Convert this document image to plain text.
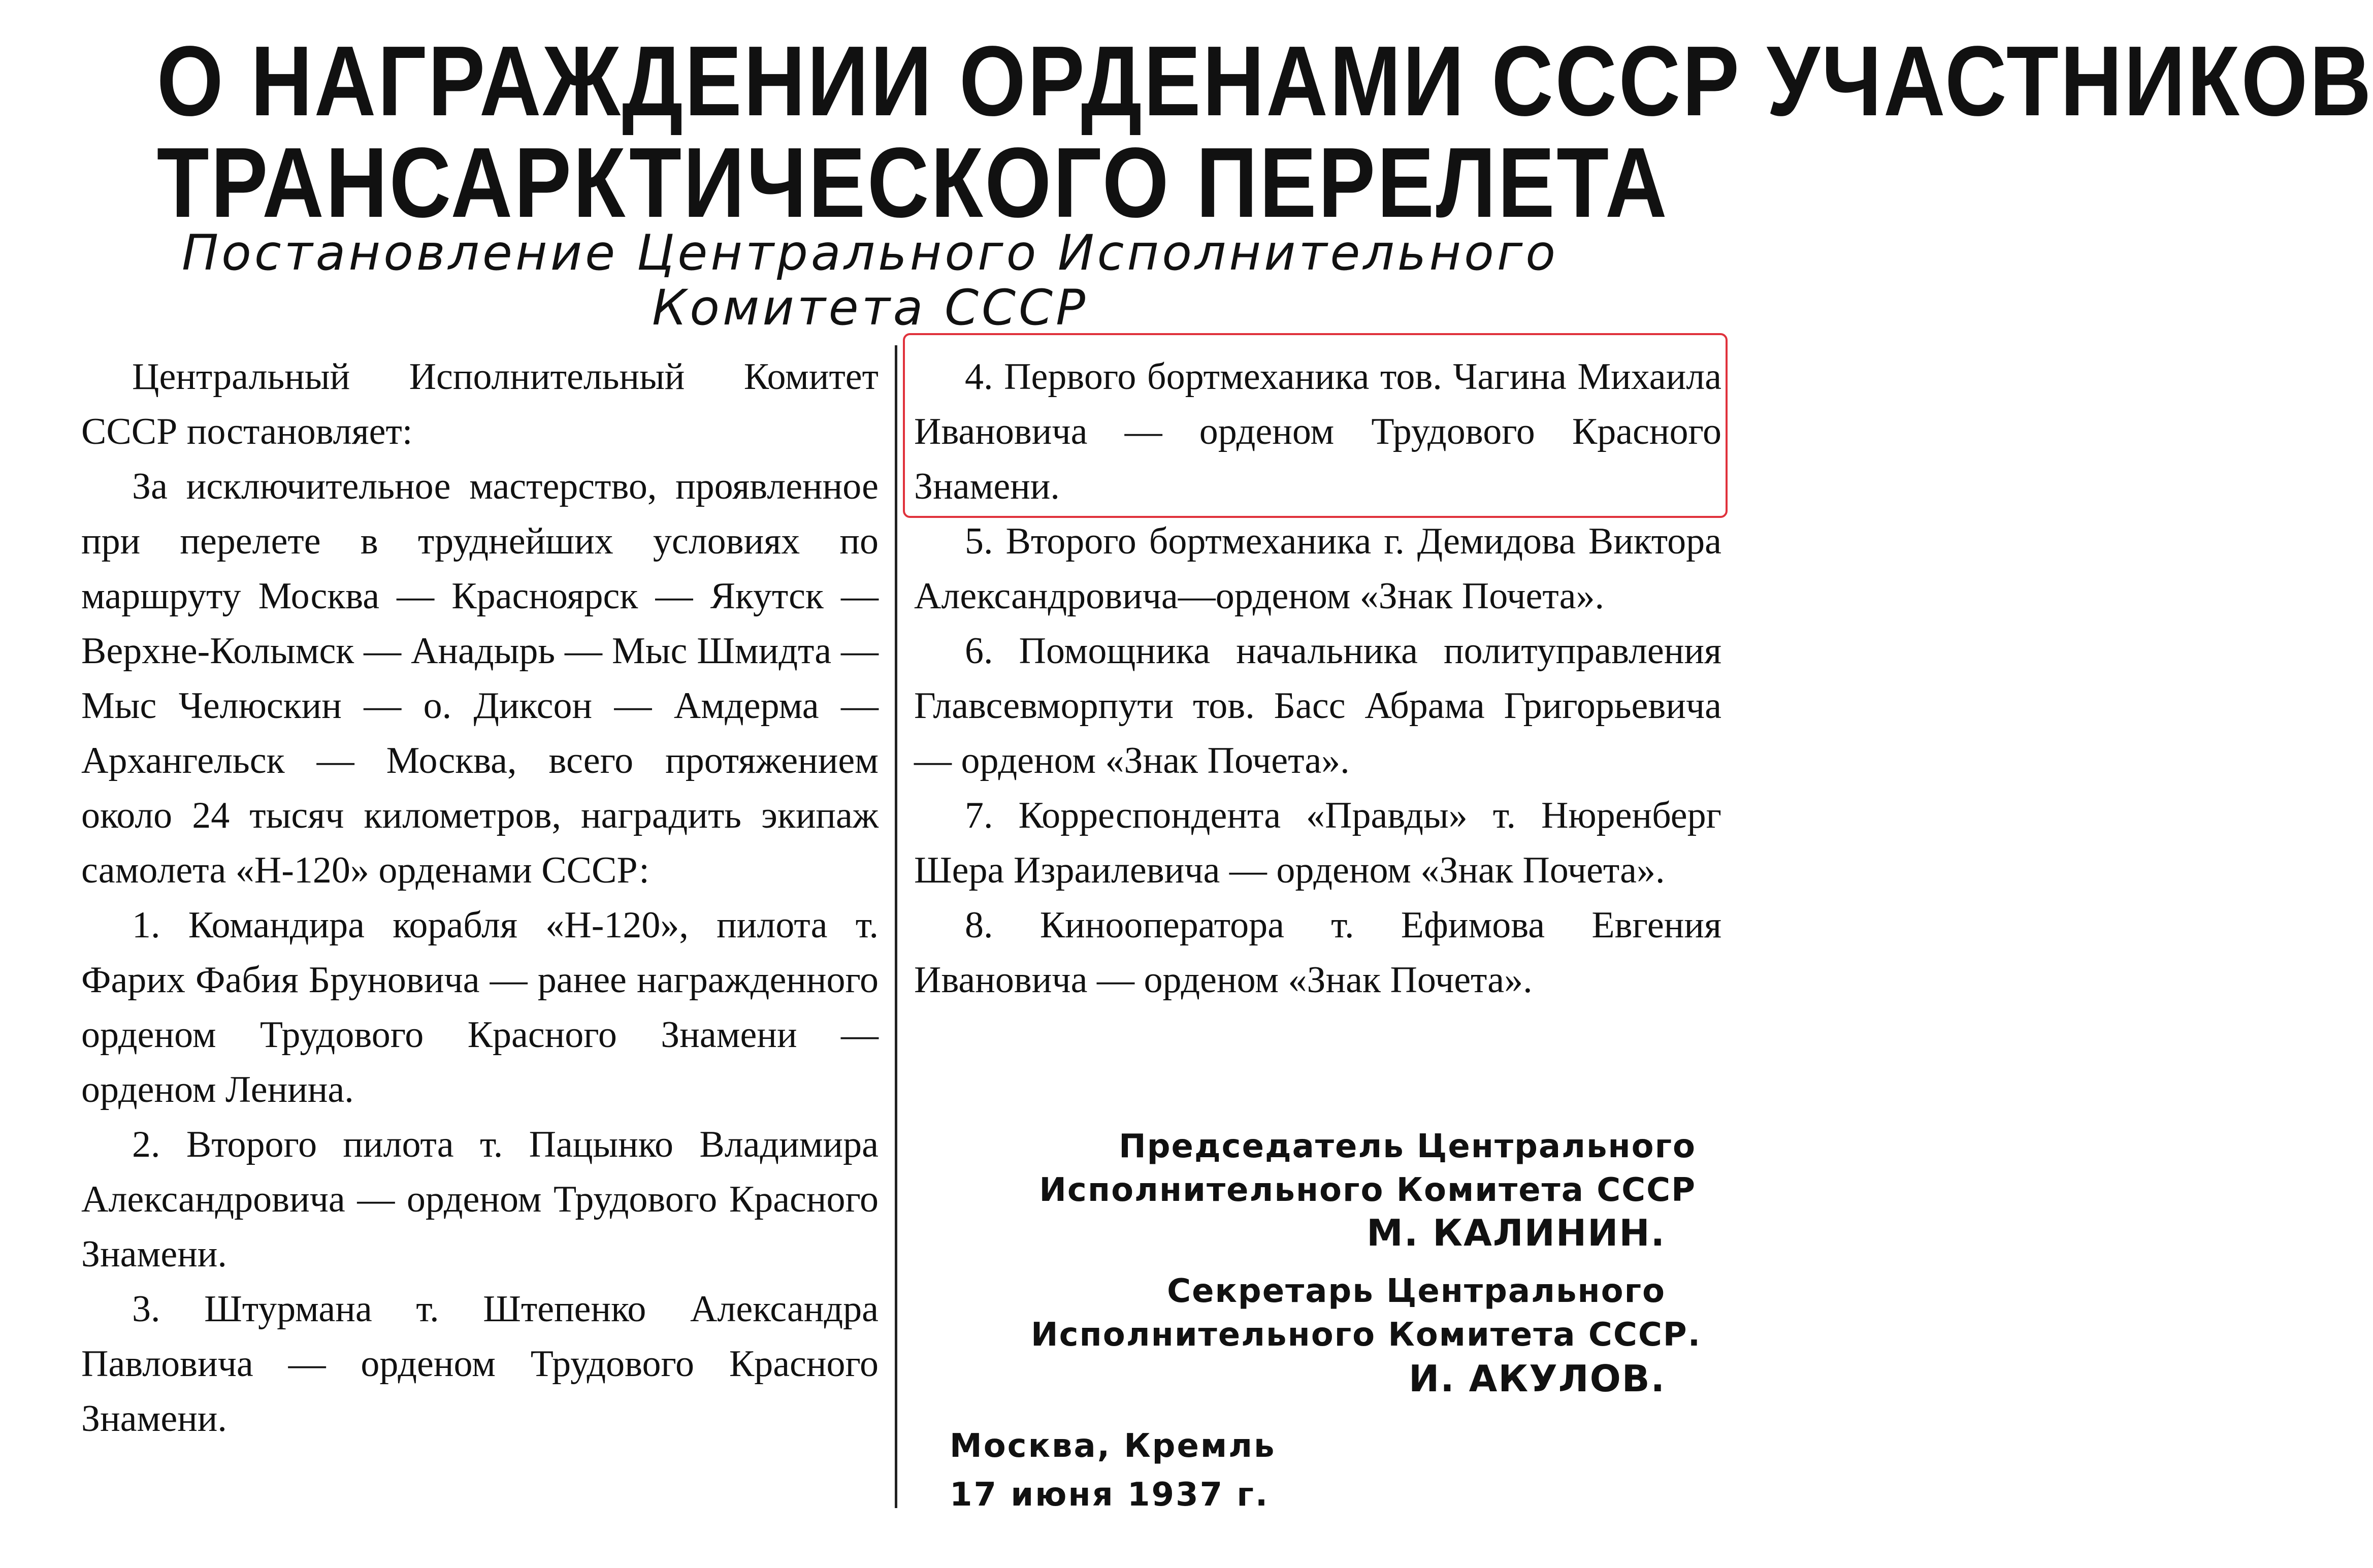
О НАГРАЖДЕНИИ ОРДЕНАМИ СССР УЧАСТНИКОВ
ТРАНСАРКТИЧЕСКОГО ПЕРЕЛЕТА
Постановление Центрального Исполнительного
Комитета СССР

Центральный Исполнительный Комитет СССР постановляет:

За исключительное мастерство, проявленное при перелете в труднейших условиях по маршруту Москва — Красноярск — Якутск — Верхне-Колымск — Анадырь — Мыс Шмидта — Мыс Челюскин — о. Диксон — Амдерма — Архангельск — Москва, всего протяжением около 24 тысяч километров, наградить экипаж самолета «Н-120» орденами СССР:

1. Командира корабля «Н-120», пилота т. Фарих Фабия Бруновича — ранее награжденного орденом Трудового Красного Знамени — орденом Ленина.

2. Второго пилота т. Пацынко Владимира Александровича — орденом Трудового Красного Знамени.

3. Штурмана т. Штепенко Александра Павловича — орденом Трудового Красного Знамени.

4. Первого бортмеханика тов. Чагина Михаила Ивановича — орденом Трудового Красного Знамени.

5. Второго бортмеханика г. Демидова Виктора Александровича—орденом «Знак Почета».

6. Помощника начальника политуправления Главсевморпути тов. Басс Абрама Григорьевича — орденом «Знак Почета».

7. Корреспондента «Правды» т. Нюренберг Шера Израилевича — орденом «Знак Почета».

8. Кинооператора т. Ефимова Евгения Ивановича — орденом «Знак Почета».

Председатель Центрального
Исполнительного Комитета СССР
М. КАЛИНИН.
Секретарь Центрального
Исполнительного Комитета СССР.
И. АКУЛОВ.
Москва, Кремль
17 июня 1937 г.
